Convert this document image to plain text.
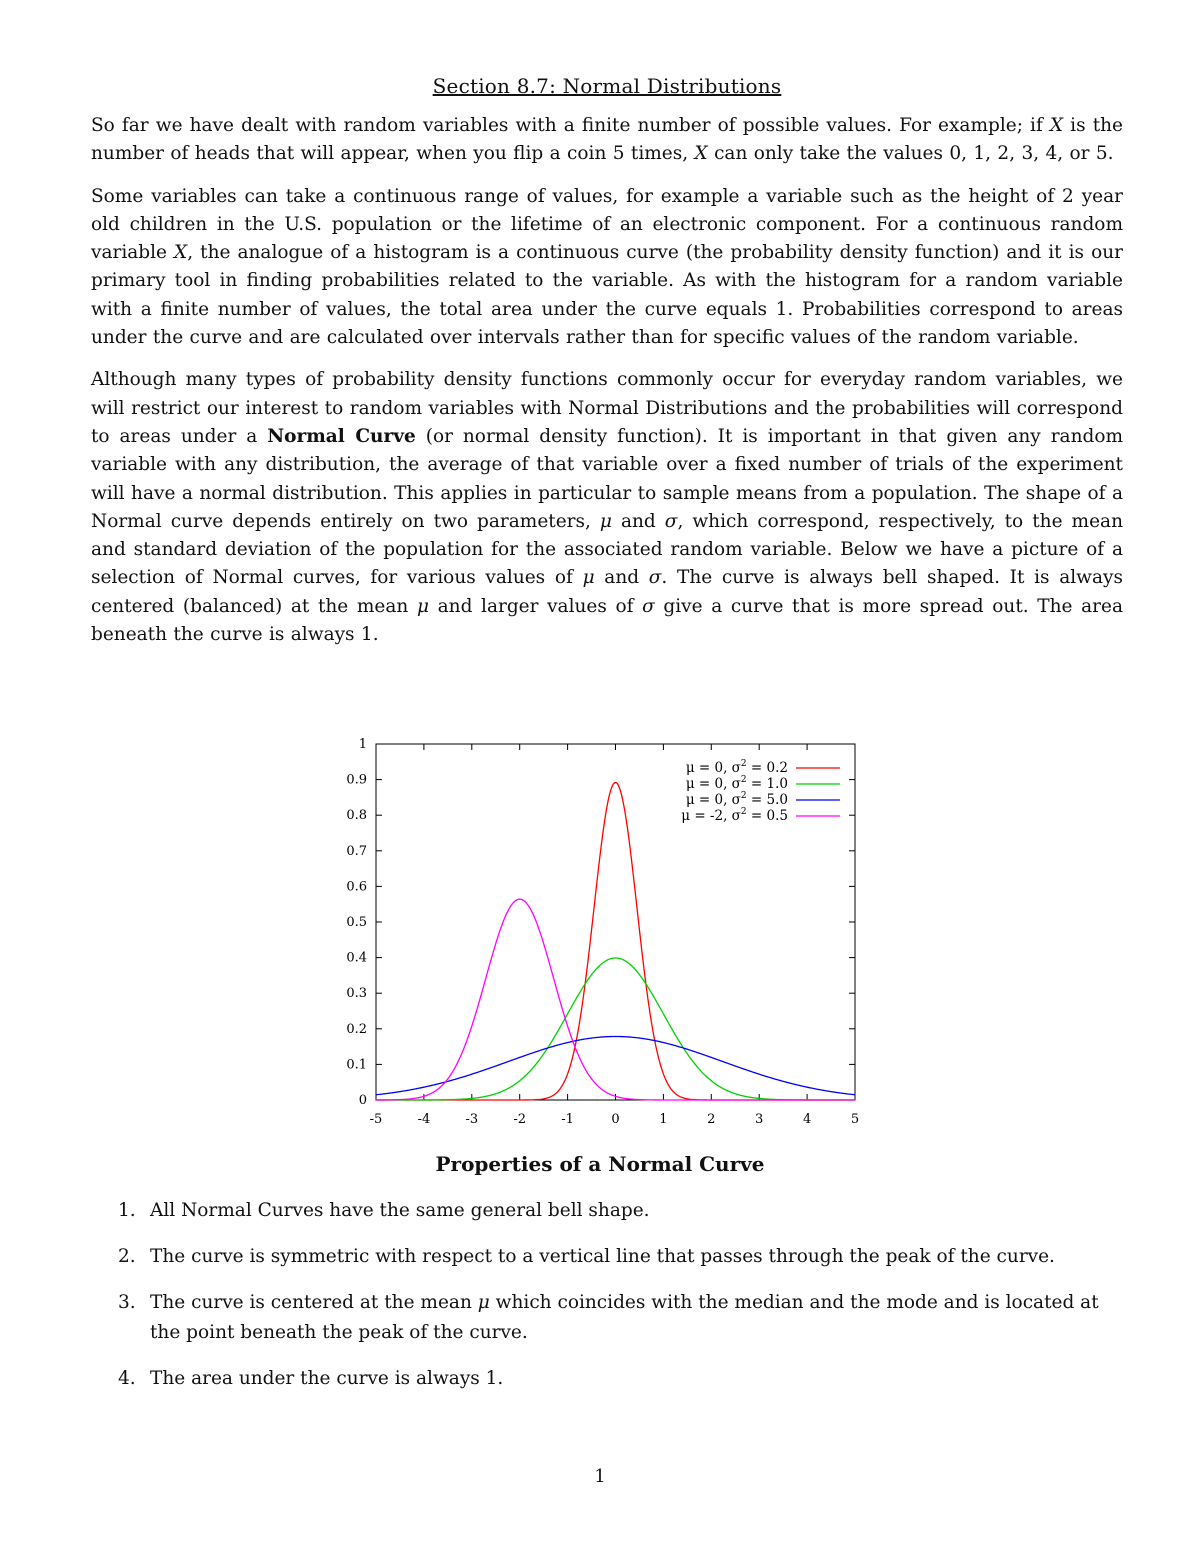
Section 8.7: Normal Distributions

So far we have dealt with random variables with a finite number of possible values. For example; if X is the number of heads that will appear, when you flip a coin 5 times, X can only take the values 0, 1, 2, 3, 4, or 5.

Some variables can take a continuous range of values, for example a variable such as the height of 2 year old children in the U.S. population or the lifetime of an electronic component. For a continuous random variable X, the analogue of a histogram is a continuous curve (the probability density function) and it is our primary tool in finding probabilities related to the variable. As with the histogram for a random variable with a finite number of values, the total area under the curve equals 1. Probabilities correspond to areas under the curve and are calculated over intervals rather than for specific values of the random variable.

Although many types of probability density functions commonly occur for everyday random variables, we will restrict our interest to random variables with Normal Distributions and the probabilities will correspond to areas under a Normal Curve (or normal density function). It is important in that given any random variable with any distribution, the average of that variable over a fixed number of trials of the experiment will have a normal distribution. This applies in particular to sample means from a population. The shape of a Normal curve depends entirely on two parameters, μ and σ, which correspond, respectively, to the mean and standard deviation of the population for the associated random variable. Below we have a picture of a selection of Normal curves, for various values of μ and σ. The curve is always bell shaped. It is always centered (balanced) at the mean μ and larger values of σ give a curve that is more spread out. The area beneath the curve is always 1.

-5	-4	-3	-2	-1	0	1	2	3	4	5
0
0.1
0.2
0.3
0.4
0.5
0.6
0.7
0.8
0.9
1
μ = 0, $\sigma^2 = 0.2$
μ = 0, $\sigma^2 = 1.0$
μ = 0, $\sigma^2 = 5.0$
μ = -2, $\sigma^2 = 0.5$
Properties of a Normal Curve
1. All Normal Curves have the same general bell shape.
2. The curve is symmetric with respect to a vertical line that passes through the peak of the curve.
3. The curve is centered at the mean μ which coincides with the median and the mode and is located at the point beneath the peak of the curve.
4. The area under the curve is always 1.
1
